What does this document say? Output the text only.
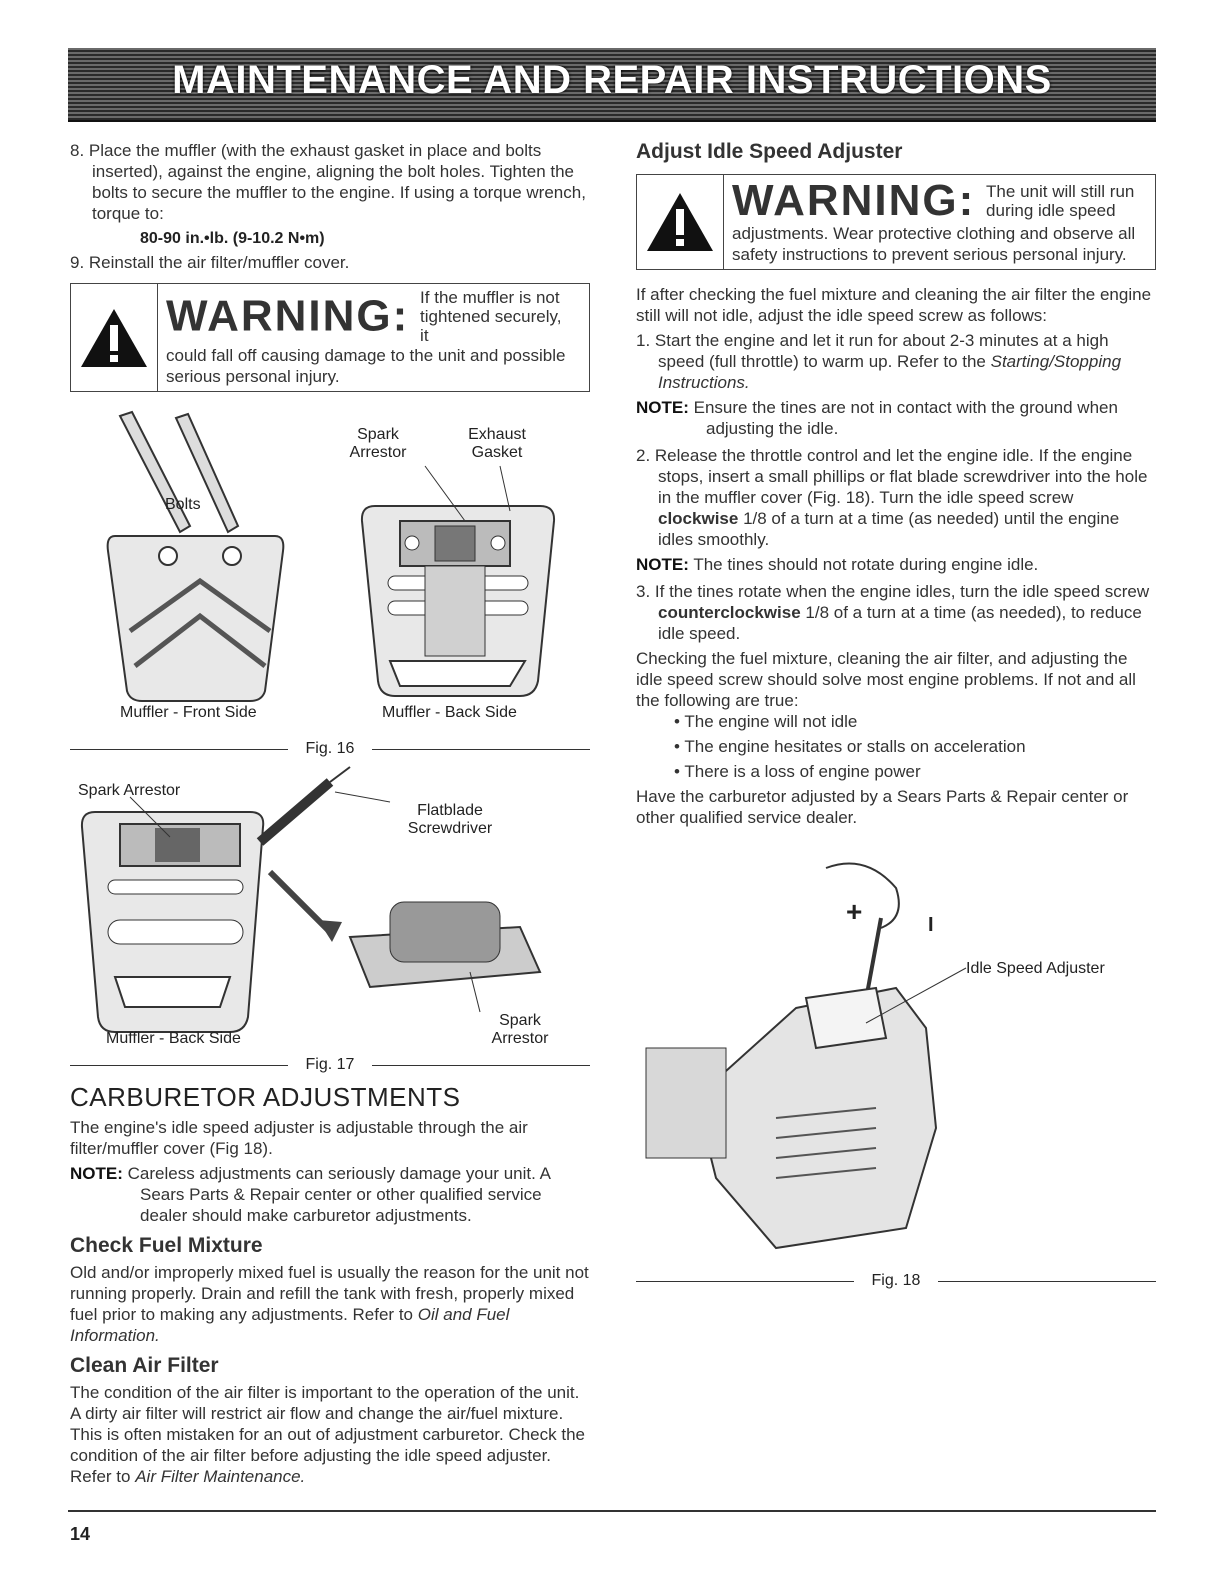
MAINTENANCE AND REPAIR INSTRUCTIONS
8. Place the muffler (with the exhaust gasket in place and bolts inserted), against the engine, aligning the bolt holes. Tighten the bolts to secure the muffler to the engine. If using a torque wrench, torque to:
80-90 in.•lb. (9-10.2 N•m)
9. Reinstall the air filter/muffler cover.
WARNING: If the muffler is not tightened securely, it
could fall off causing damage to the unit and possible serious personal injury.
Bolts
Spark Arrestor
Exhaust Gasket
Muffler - Front Side	Muffler - Back Side
Fig. 16
Spark Arrestor
Flatblade Screwdriver
Muffler - Back Side
Spark Arrestor
Fig. 17
CARBURETOR ADJUSTMENTS

The engine's idle speed adjuster is adjustable through the air filter/muffler cover (Fig 18).

NOTE: Careless adjustments can seriously damage your unit. A Sears Parts & Repair center or other qualified service dealer should make carburetor adjustments.
Check Fuel Mixture

Old and/or improperly mixed fuel is usually the reason for the unit not running properly. Drain and refill the tank with fresh, properly mixed fuel prior to making any adjustments. Refer to Oil and Fuel Information.

Clean Air Filter

The condition of the air filter is important to the operation of the unit. A dirty air filter will restrict air flow and change the air/fuel mixture. This is often mistaken for an out of adjustment carburetor. Check the condition of the air filter before adjusting the idle speed adjuster. Refer to Air Filter Maintenance.

Adjust Idle Speed Adjuster
WARNING: The unit will still run during idle speed
adjustments. Wear protective clothing and observe all safety instructions to prevent serious personal injury.

If after checking the fuel mixture and cleaning the air filter the engine still will not idle, adjust the idle speed screw as follows:

1. Start the engine and let it run for about 2-3 minutes at a high speed (full throttle) to warm up. Refer to the Starting/Stopping Instructions.
NOTE: Ensure the tines are not in contact with the ground when adjusting the idle.
2. Release the throttle control and let the engine idle. If the engine stops, insert a small phillips or flat blade screwdriver into the hole in the muffler cover (Fig. 18). Turn the idle speed screw clockwise 1/8 of a turn at a time (as needed) until the engine idles smoothly.
NOTE: The tines should not rotate during engine idle.
3. If the tines rotate when the engine idles, turn the idle speed screw counterclockwise 1/8 of a turn at a time (as needed), to reduce idle speed.

Checking the fuel mixture, cleaning the air filter, and adjusting the idle speed screw should solve most engine problems. If not and all the following are true:

• The engine will not idle
• The engine hesitates or stalls on acceleration
• There is a loss of engine power

Have the carburetor adjusted by a Sears Parts & Repair center or other qualified service dealer.

+	I
Idle Speed Adjuster
Fig. 18
14
